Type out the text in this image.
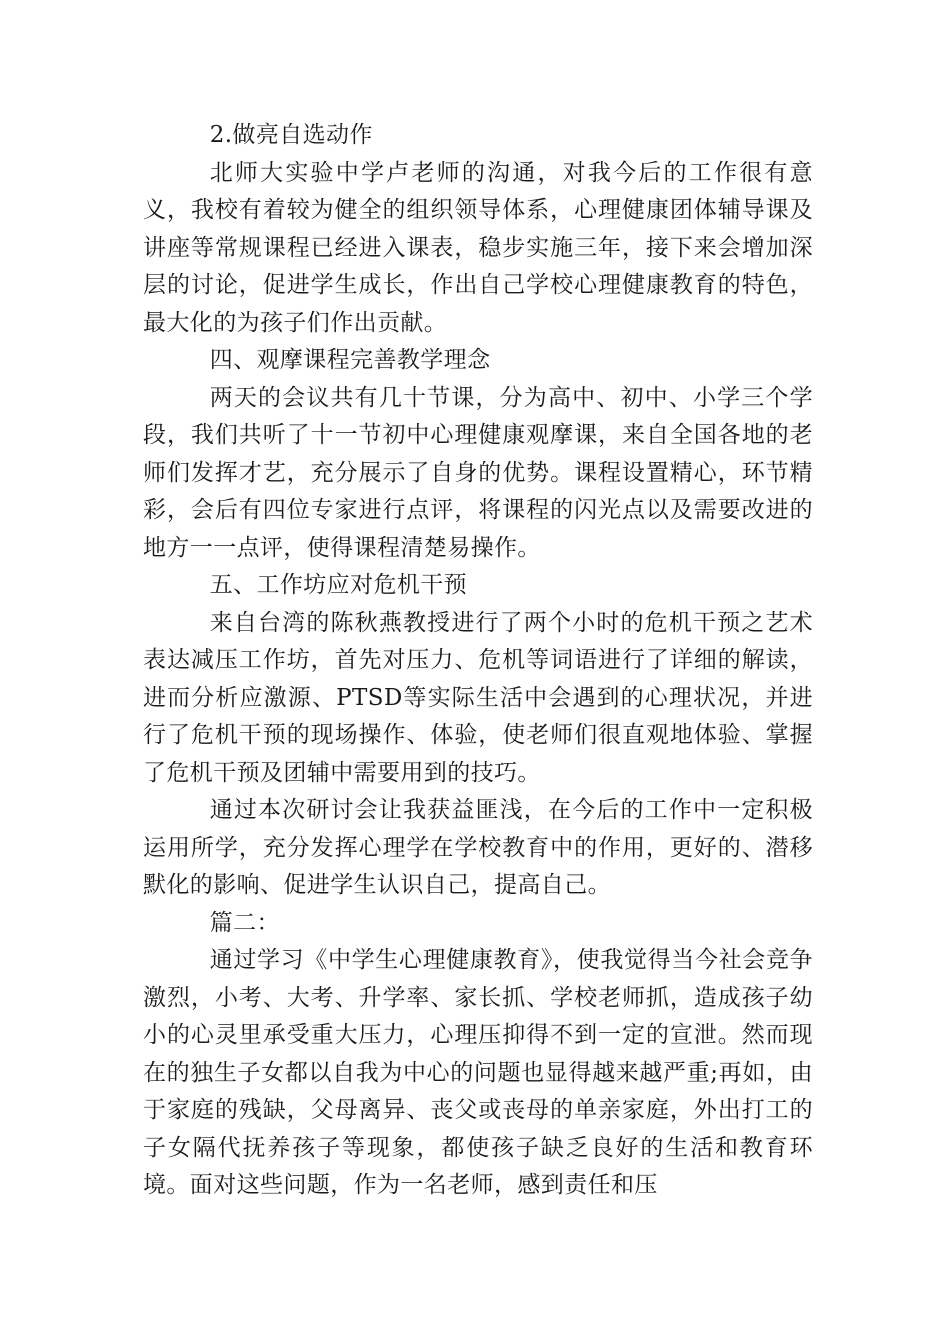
2.做亮自选动作

北师大实验中学卢老师的沟通，对我今后的工作很有意义，我校有着较为健全的组织领导体系，心理健康团体辅导课及讲座等常规课程已经进入课表，稳步实施三年，接下来会增加深层的讨论，促进学生成长，作出自己学校心理健康教育的特色，最大化的为孩子们作出贡献。

四、观摩课程完善教学理念

两天的会议共有几十节课，分为高中、初中、小学三个学段，我们共听了十一节初中心理健康观摩课，来自全国各地的老师们发挥才艺，充分展示了自身的优势。课程设置精心，环节精彩，会后有四位专家进行点评，将课程的闪光点以及需要改进的地方一一点评，使得课程清楚易操作。

五、工作坊应对危机干预

来自台湾的陈秋燕教授进行了两个小时的危机干预之艺术表达减压工作坊，首先对压力、危机等词语进行了详细的解读，进而分析应激源、PTSD等实际生活中会遇到的心理状况，并进行了危机干预的现场操作、体验，使老师们很直观地体验、掌握了危机干预及团辅中需要用到的技巧。

通过本次研讨会让我获益匪浅，在今后的工作中一定积极运用所学，充分发挥心理学在学校教育中的作用，更好的、潜移默化的影响、促进学生认识自己，提高自己。

篇二：

通过学习《中学生心理健康教育》，使我觉得当今社会竞争激烈，小考、大考、升学率、家长抓、学校老师抓，造成孩子幼小的心灵里承受重大压力，心理压抑得不到一定的宣泄。然而现在的独生子女都以自我为中心的问题也显得越来越严重;再如，由于家庭的残缺，父母离异、丧父或丧母的单亲家庭，外出打工的子女隔代抚养孩子等现象，都使孩子缺乏良好的生活和教育环境。面对这些问题，作为一名老师，感到责任和压
